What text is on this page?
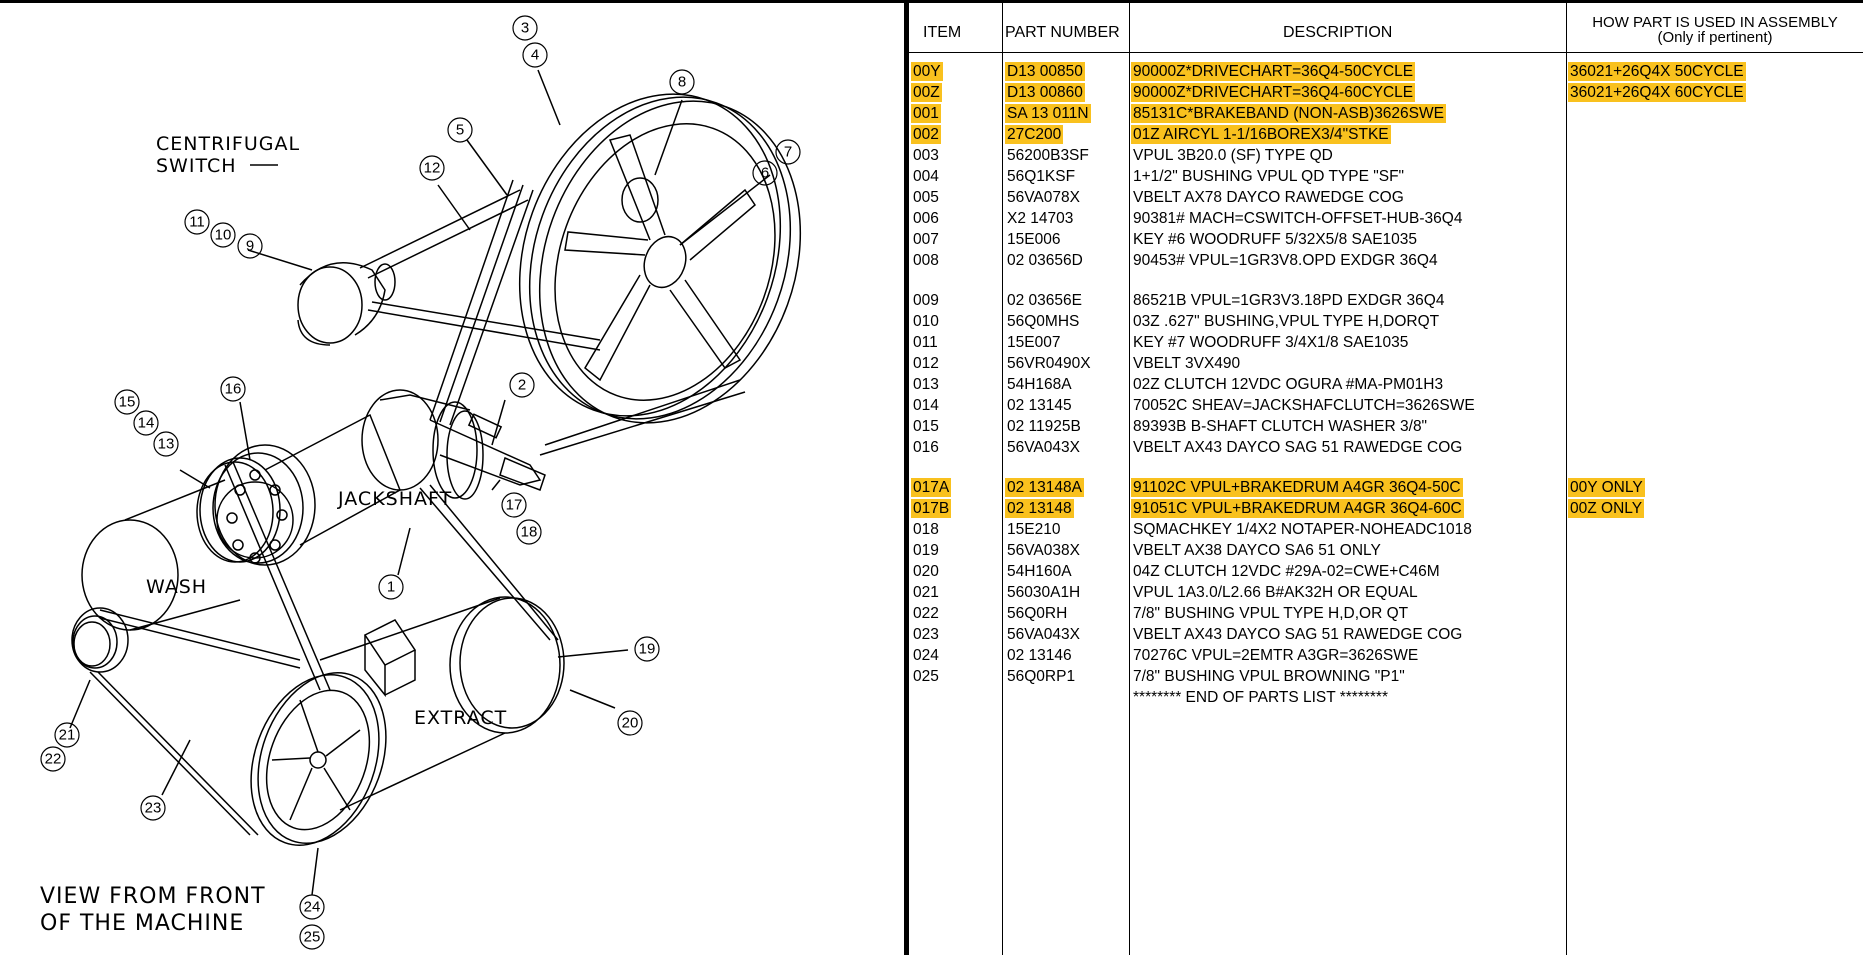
3
4
8
5
7
6
12
11
10
9
2
16
15
14
13
17
18
1
19
20
21
22
23
24
25
CENTRIFUGAL
SWITCH
JACKSHAFT
WASH
EXTRACT
VIEW FROM FRONT
OF THE MACHINE
ITEM	PART NUMBER	DESCRIPTION
HOW PART IS USED IN ASSEMBLY
(Only if pertinent)
00Y	D13 00850	90000Z*DRIVECHART=36Q4-50CYCLE	36021+26Q4X 50CYCLE
00Z	D13 00860	90000Z*DRIVECHART=36Q4-60CYCLE	36021+26Q4X 60CYCLE
001	SA 13 011N	85131C*BRAKEBAND (NON-ASB)3626SWE
002	27C200	01Z AIRCYL 1-1/16BOREX3/4"STKE
003	56200B3SF	VPUL 3B20.0 (SF) TYPE QD
004	56Q1KSF	1+1/2" BUSHING VPUL QD TYPE "SF"
005	56VA078X	VBELT AX78 DAYCO RAWEDGE COG
006	X2 14703	90381# MACH=CSWITCH-OFFSET-HUB-36Q4
007	15E006	KEY #6 WOODRUFF 5/32X5/8 SAE1035
008	02 03656D	90453# VPUL=1GR3V8.OPD EXDGR 36Q4
009	02 03656E	86521B VPUL=1GR3V3.18PD EXDGR 36Q4
010	56Q0MHS	03Z .627" BUSHING,VPUL TYPE H,DORQT
011	15E007	KEY #7 WOODRUFF 3/4X1/8 SAE1035
012	56VR0490X	VBELT 3VX490
013	54H168A	02Z CLUTCH 12VDC OGURA #MA-PM01H3
014	02 13145	70052C SHEAV=JACKSHAFCLUTCH=3626SWE
015	02 11925B	89393B B-SHAFT CLUTCH WASHER 3/8"
016	56VA043X	VBELT AX43 DAYCO SAG 51 RAWEDGE COG
017A	02 13148A	91102C VPUL+BRAKEDRUM A4GR 36Q4-50C	00Y ONLY
017B	02 13148	91051C VPUL+BRAKEDRUM A4GR 36Q4-60C	00Z ONLY
018	15E210	SQMACHKEY 1/4X2 NOTAPER-NOHEADC1018
019	56VA038X	VBELT AX38 DAYCO SA6 51 ONLY
020	54H160A	04Z CLUTCH 12VDC #29A-02=CWE+C46M
021	56030A1H	VPUL 1A3.0/L2.66 B#AK32H OR EQUAL
022	56Q0RH	7/8" BUSHING VPUL TYPE H,D,OR QT
023	56VA043X	VBELT AX43 DAYCO SAG 51 RAWEDGE COG
024	02 13146	70276C VPUL=2EMTR A3GR=3626SWE
025	56Q0RP1	7/8" BUSHING VPUL BROWNING "P1"
******** END OF PARTS LIST ********
